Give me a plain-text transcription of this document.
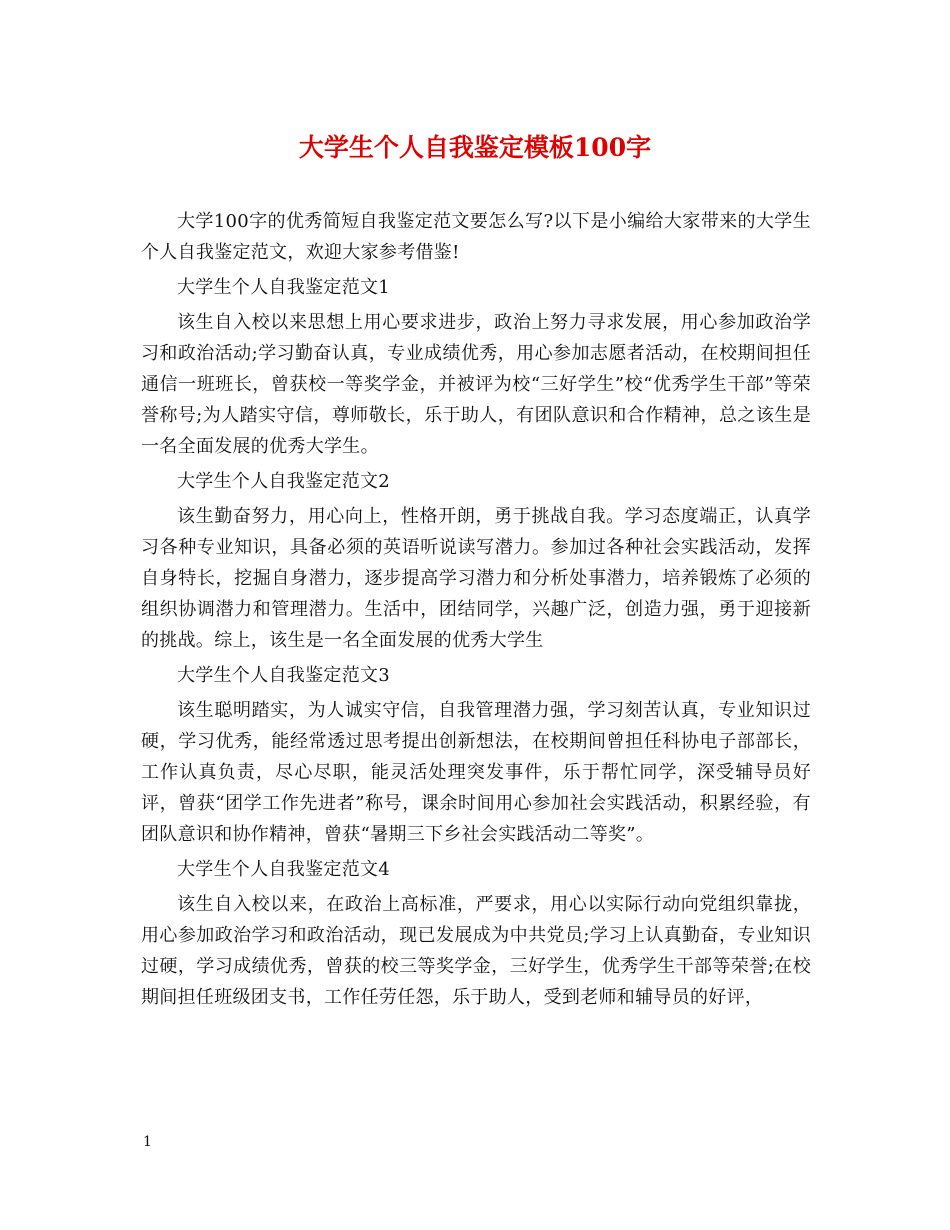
大学生个人自我鉴定模板100字

大学100字的优秀简短自我鉴定范文要怎么写?以下是小编给大家带来的大学生个人自我鉴定范文，欢迎大家参考借鉴!

大学生个人自我鉴定范文1

该生自入校以来思想上用心要求进步，政治上努力寻求发展，用心参加政治学习和政治活动;学习勤奋认真，专业成绩优秀，用心参加志愿者活动，在校期间担任通信一班班长，曾获校一等奖学金，并被评为校“三好学生”校“优秀学生干部”等荣誉称号;为人踏实守信，尊师敬长，乐于助人，有团队意识和合作精神，总之该生是一名全面发展的优秀大学生。

大学生个人自我鉴定范文2

该生勤奋努力，用心向上，性格开朗，勇于挑战自我。学习态度端正，认真学习各种专业知识，具备必须的英语听说读写潜力。参加过各种社会实践活动，发挥自身特长，挖掘自身潜力，逐步提高学习潜力和分析处事潜力，培养锻炼了必须的组织协调潜力和管理潜力。生活中，团结同学，兴趣广泛，创造力强，勇于迎接新的挑战。综上，该生是一名全面发展的优秀大学生

大学生个人自我鉴定范文3

该生聪明踏实，为人诚实守信，自我管理潜力强，学习刻苦认真，专业知识过硬，学习优秀，能经常透过思考提出创新想法，在校期间曾担任科协电子部部长，工作认真负责，尽心尽职，能灵活处理突发事件，乐于帮忙同学，深受辅导员好评，曾获“团学工作先进者”称号，课余时间用心参加社会实践活动，积累经验，有团队意识和协作精神，曾获“暑期三下乡社会实践活动二等奖”。

大学生个人自我鉴定范文4

该生自入校以来，在政治上高标准，严要求，用心以实际行动向党组织靠拢，用心参加政治学习和政治活动，现已发展成为中共党员;学习上认真勤奋，专业知识过硬，学习成绩优秀，曾获的校三等奖学金，三好学生，优秀学生干部等荣誉;在校期间担任班级团支书，工作任劳任怨，乐于助人，受到老师和辅导员的好评，

1
